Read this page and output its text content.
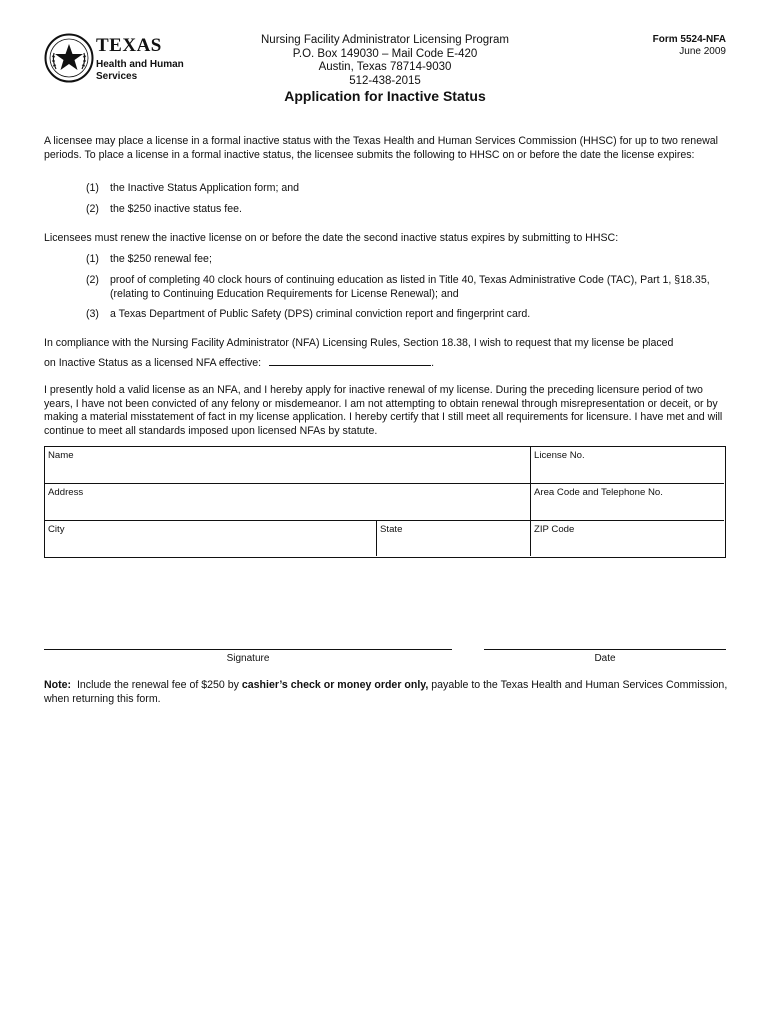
TEXAS
Health and Human
Services
Nursing Facility Administrator Licensing Program
P.O. Box 149030 – Mail Code E-420
Austin, Texas 78714-9030
512-438-2015
Form 5524-NFA
June 2009
Application for Inactive Status
A licensee may place a license in a formal inactive status with the Texas Health and Human Services Commission (HHSC) for up to two renewal periods. To place a license in a formal inactive status, the licensee submits the following to HHSC on or before the date the license expires:
(1)	the Inactive Status Application form; and
(2)	the $250 inactive status fee.
Licensees must renew the inactive license on or before the date the second inactive status expires by submitting to HHSC:
(1)	the $250 renewal fee;
(2)	proof of completing 40 clock hours of continuing education as listed in Title 40, Texas Administrative Code (TAC), Part 1, §18.35, (relating to Continuing Education Requirements for License Renewal); and
(3)	a Texas Department of Public Safety (DPS) criminal conviction report and fingerprint card.
In compliance with the Nursing Facility Administrator (NFA) Licensing Rules, Section 18.38, I wish to request that my license be placed
on Inactive Status as a licensed NFA effective:	.
I presently hold a valid license as an NFA, and I hereby apply for inactive renewal of my license. During the preceding licensure period of two years, I have not been convicted of any felony or misdemeanor. I am not attempting to obtain renewal through misrepresentation or deceit, or by making a material misstatement of fact in my license application. I hereby certify that I still meet all requirements for licensure. I have met and will continue to meet all standards imposed upon licensed NFAs by statute.
Name	License No.
Address	Area Code and Telephone No.
City	State	ZIP Code
Signature	Date
Note:  Include the renewal fee of $250 by cashier’s check or money order only, payable to the Texas Health and Human Services Commission, when returning this form.
